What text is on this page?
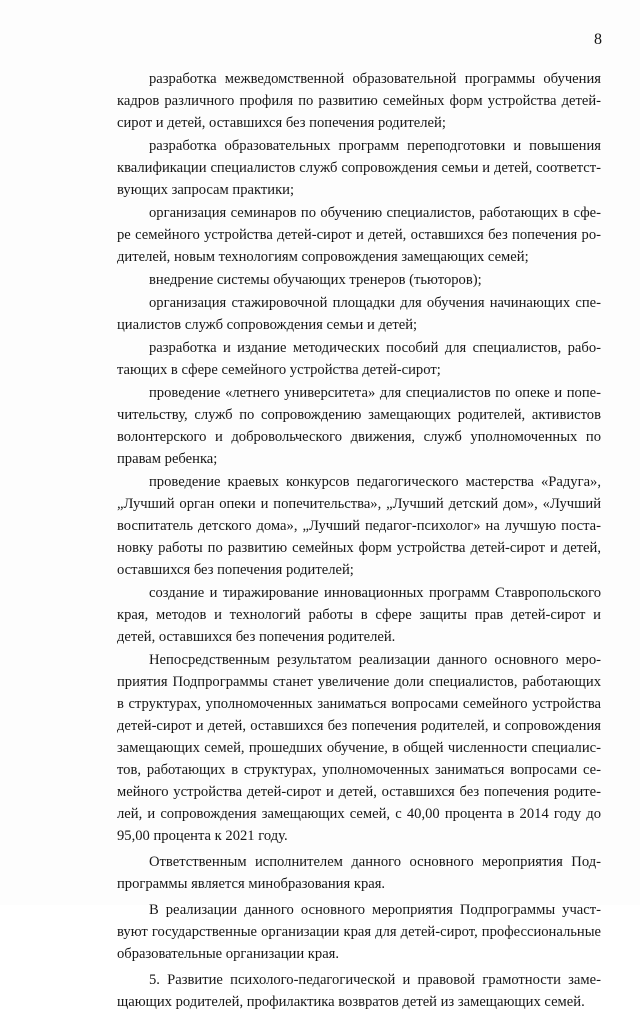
8

разработка межведомственной образовательной программы обучения кадров различного профиля по развитию семейных форм устройства детей-сирот и детей, оставшихся без попечения родителей;

разработка образовательных программ переподготовки и повышения квалификации специалистов служб сопровождения семьи и детей, соответствующих запросам практики;

организация семинаров по обучению специалистов, работающих в сфере семейного устройства детей-сирот и детей, оставшихся без попечения родителей, новым технологиям сопровождения замещающих семей;

внедрение системы обучающих тренеров (тьюторов);

организация стажировочной площадки для обучения начинающих специалистов служб сопровождения семьи и детей;

разработка и издание методических пособий для специалистов, работающих в сфере семейного устройства детей-сирот;

проведение «летнего университета» для специалистов по опеке и попечительству, служб по сопровождению замещающих родителей, активистов волонтерского и добровольческого движения, служб уполномоченных по правам ребенка;

проведение краевых конкурсов педагогического мастерства «Радуга», „Лучший орган опеки и попечительства», „Лучший детский дом», «Лучший воспитатель детского дома», „Лучший педагог-психолог» на лучшую постановку работы по развитию семейных форм устройства детей-сирот и детей, оставшихся без попечения родителей;

создание и тиражирование инновационных программ Ставропольского края, методов и технологий работы в сфере защиты прав детей-сирот и детей, оставшихся без попечения родителей.

Непосредственным результатом реализации данного основного мероприятия Подпрограммы станет увеличение доли специалистов, работающих в структурах, уполномоченных заниматься вопросами семейного устройства детей-сирот и детей, оставшихся без попечения родителей, и сопровождения замещающих семей, прошедших обучение, в общей численности специалистов, работающих в структурах, уполномоченных заниматься вопросами семейного устройства детей-сирот и детей, оставшихся без попечения родителей, и сопровождения замещающих семей, с 40,00 процента в 2014 году до 95,00 процента к 2021 году.

Ответственным исполнителем данного основного мероприятия Подпрограммы является минобразования края.

В реализации данного основного мероприятия Подпрограммы участвуют государственные организации края для детей-сирот, профессиональные образовательные организации края.

5. Развитие психолого-педагогической и правовой грамотности замещающих родителей, профилактика возвратов детей из замещающих семей.
